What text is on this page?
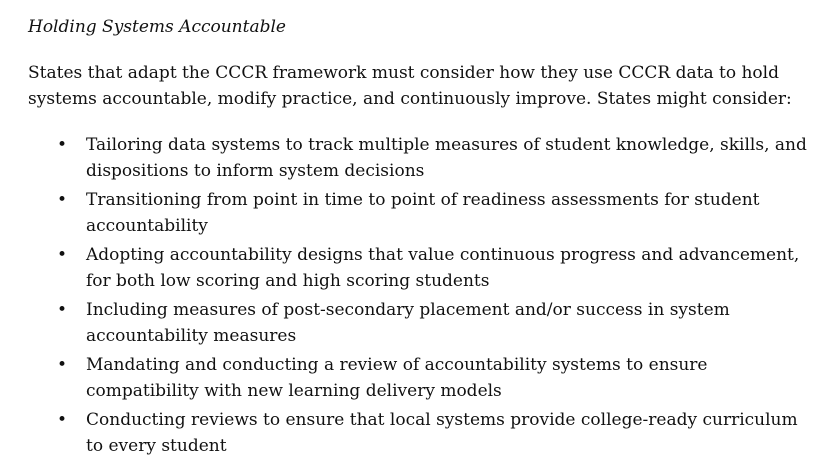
Holding Systems Accountable

States that adapt the CCCR framework must consider how they use CCCR data to hold
systems accountable, modify practice, and continuously improve. States might consider:

• Tailoring data systems to track multiple measures of student knowledge, skills, and
dispositions to inform system decisions
• Transitioning from point in time to point of readiness assessments for student
accountability
• Adopting accountability designs that value continuous progress and advancement,
for both low scoring and high scoring students
• Including measures of post-secondary placement and/or success in system
accountability measures
• Mandating and conducting a review of accountability systems to ensure
compatibility with new learning delivery models
• Conducting reviews to ensure that local systems provide college-ready curriculum
to every student
